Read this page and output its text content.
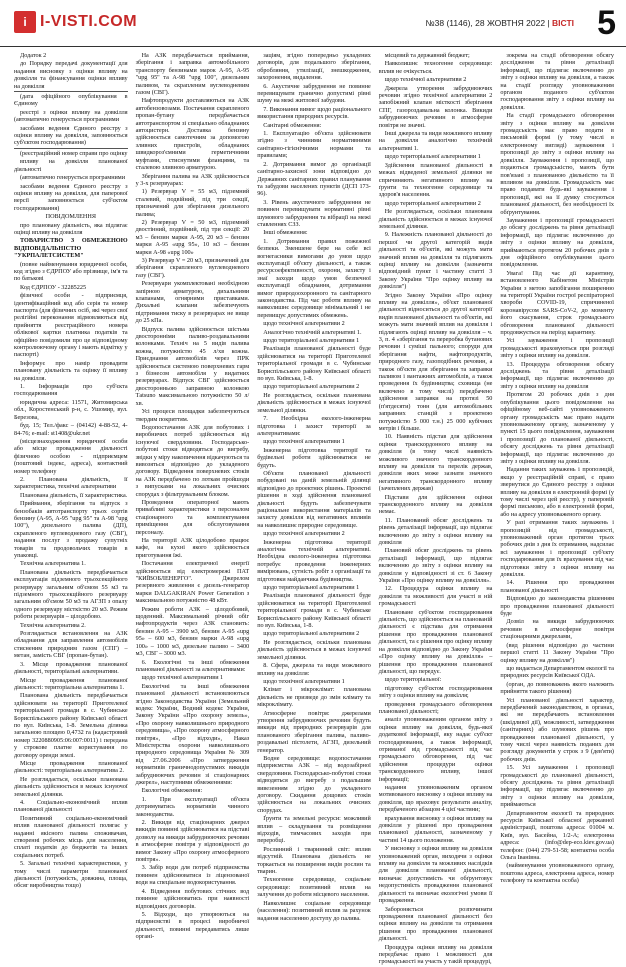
i I-VISTI.COM	№38 (1146), 28 ЖОВТНЯ 2022 | ВІСТІ 5

Додаток 2

до Порядку передачі документації для надання висновку з оцінки впливу на довкілля та фінансування оцінки впливу на довкілля

(дата офіційного опублікування в Єдиному

реєстрі з оцінки впливу на довкілля (автоматично генерується програмними

засобами ведення Єдиного реєстру з оцінки впливу на довкілля, заповнюється суб'єктом господарювання)

(реєстраційний номер справи про оцінку

впливу на довкілля планованої діяльності

(автоматично генерується програмними

засобами ведення Єдиного реєстру з оцінки впливу на довкілля, для паперової версії заповнюється суб'єктом господарювання)

ПОВІДОМЛЕННЯ

про плановану діяльність, яка підлягає оцінці впливу на довкілля

ТОВАРИСТВО З ОБМЕЖЕНОЮ ВІДПОВІДАЛЬНІСТЮ "УКРПАЛЕТСИСТЕМ"

(повне найменування юридичної особи, код згідно з ЄДРПОУ або прізвище, ім'я та по батькові

Код ЄДРПОУ - 32285225

фізичної особи - підприємця, ідентифікаційний код або серія та номер паспорта (для фізичних осіб, які через свої релігійні переконання відмовляються від прийняття реєстраційного номера облікової картки платника податків та офіційно повідомили про це відповідному контролюючому органу і мають відмітку у паспорті)

Інформує про намір провадити плановану діяльність та оцінку її впливу на довкілля.

1. Інформація про суб'єкта господарювання

юридична адреса: 11571, Житомирська обл., Коростенський р-н, с. Ушомир, вул. Березова,

буд. 15; Тел./факс – (04142) 4-88-52, 4-84-76; e-mail: st1408@ukr.net

(місцезнаходження юридичної особи або місце провадження діяльності фізичною особою - підприємцем (поштовий індекс, адреса), контактний номер телефону

2. Планована діяльність, її характеристика, технічні альтернативи

Планована діяльність, її характеристика.

Приймання, зберігання та відпуск з бензобаків автотранспорту трьох сортів бензину (А-95, А-95 "upg 95" та А-98 "upg 100"), дизельного палива (ДП), скрапленого вуглеводневого газу (СВГ), надання послуг з продажу супутніх товарів та продовольчих товарів в упаковці.

Технічна альтернатива 1.

Планована діяльність передбачається експлуатація підземного трьохсекційного резервуару загальним об'ємом 55 м3 та підземного трьохсекційного резервуару загальним об'ємом 50 м3 та АГЗП з опалу одного резервуару місткістю 20 м3. Режим роботи резервуарів – цілодобово.

Технічна альтернатива 2.

Розглядається встановлення на АЗК обладнання для заправлення автомобілів стисненим природним газом (СПГ) – метан, замість СВГ (пропан-бутан).

3. Місце провадження планованої діяльності, територіальні альтернативи.

Місце провадження планованої діяльності: територіальна альтернатива 1.

Планована діяльність передбачається здійснювати на території Приготелевої територіальної громади в с. Чубинське Бориспільського району Київської області по вул. Київська, 1-8. Земельна ділянка загальною площею 0,4732 га (кадастровий номер 3220880905:06:007:0011) і передана у строкове платне користування по договору оренди землі.

Місце провадження планованої діяльності: територіальна альтернатива 2.

Не розглядається, оскільки планована діяльність здійснюється в межах існуючої земельної ділянки.

4. Соціально-економічний вплив планованої діяльності

Позитивний соціально-економічний вплив планованої діяльності полягає у наданні якісного палива споживачам, створенні робочих місць для населення, сплаті податків до бюджетів та інших соціальних потреб.

5. Загальні технічні характеристики, у тому числі параметри планованої діяльності (потужність, довжина, площа, обсяг виробництва тощо)

На АЗК передбачається приймання, зберігання і заправка автомобільного транспорту бензинами марок А-95, А-95 "upg 95" та А-98 "upg 100", дизельним паливом, та скрапленим вуглеводневим газом (СВГ).

Нафтопродукти доставляються на АЗК автобензовозами. Постачання скрапленого пропан-бутану передбачається автотранспортом зі спеціально обладнаних автоцистерн. Доставка бензину здійснюється самотечним за допомогою зливних пристроїв, обладнаних швидкороз'ємними герметичними муфтами, стиснутими фланцями, та сталевою зливною арматурою.

Зберігання палива на АЗК здійснюється у 3-х резервуарах:

1) Резервуар V = 55 м3, підземний сталевий, подвійний, під три секції, призначений для зберігання дизельного палива;

2) Резервуар V = 50 м3, підземний двостінний, подвійний, під три секції: 20 м3 – бензин марки А-95, 20 м3 – бензин марки А-95 «upg 95», 10 м3 – бензин марки А-98 «upg 100»

3) Резервуар V = 20 м3, призначений для зберігання скрапленого вуглеводневого газу (СВГ).

Резервуари укомплектовані необхідною запірною арматурою, дихальними клапанами, огнярними приставками. Дихальні клапани забезпечують підтримання тиску в резервуарах не вище до 25 кПа.

Відпуск палива здійснюється шістьма двосторонніми паливо-роздавальними колонками. Техніч на 5 видів палива кожна, потужністю 45 л/хв кожна. Приєднання автомобілів через ПРК здійснюється системою поверхневих гарм з бізнесом автомобіля у видатних резервуарах. Відпуск СВГ здійснюється двосторонньою заправною колонкою Тatsuno максимальною потужністю 50 л/хв.

Усі процеси площадки забезпечуються твердим покриттям.

Водопостачання АЗК для побутових і виробничих потреб здійснюється від існуючої свердловини. Господарсько-побутові стоки відводяться до вигребу, звідки у міру накопичення відкачуються та вивозяться відповідно до укладеного договору. Відведення поверхневих стоків на АЗК передбачено по лоткам пройшоди з випусками на локальних очисних спорудах з фільтрувальним блоком.

Проведення операторної мають привабливі характеристики з персоналом стаціонарного та комплектування приміщення для обслуговування персоналу.

На території АЗК цілодобово працює кафе, на кухні якого здійснюється приготування їжі.

Постачання електричної енергії здійснюється від електромережі ПАТ "КИЇВОБЛЕНЕРГО". Джерелом резервного живлення є дизель-генератор марки DALGAKIRAN Power Generation з максимальною потужністю 48 кВт.

Режим роботи АЗК – цілодобовий, щоденний. Максимальний річний обіг нафтопродуктів через АЗК становить: бензин А-95 – 3900 м3, бензин А-95 «upg 95» – 600 м3, бензин марки А-98 «upg 100» – 1000 м3, дизельне паливо – 3400 м3, СВГ – 3000 м3.

6. Екологічні та інші обмеження планованої діяльності за альтернативами:

щодо технічної альтернативи 1

Екологічні та інші обмеження планованої діяльності встановлюються згідно Законодавства України (Земельний кодекс України, Водний кодекс України, Закону України «Про охорону земель», «Про охорону навколишнього природного середовища», «Про охорону атмосферного повітря», «Про відходи», Наказ Міністерства охорони навколишнього природного середовища України № 309 від 27.06.2006 «Про затвердження нормативів граничнодопустимих викидів забруднюючих речовин зі стаціонарних джерел», наступними обмеженнями:

Екологічні обмеження:

1. При експлуатації об'єкта дотримуватись нормативів чинного законодавства.

2. Викиди від стаціонарних джерел викидів повинні здійснюватися на підставі дозволу на викиди забруднюючих речовин в атмосферне повітря у відповідності до вимог Закону «Про охорону атмосферного повітря».

3. Забір води для потреб підприємства повинен здійснюватися із ліцензованої води на спеціальне водокористування.

4. Відведення побутових стічних вод повинне здійснюватись при наявності відповідних договорів.

5. Відходи, що утворюються на підприємстві в процесі виробничої діяльності, повинні передаватись лише органі-

заціям, згідно попередньо укладених договорів, для подальшого зберігання, обробляння, утилізації, знешкодження, захоронення, видалення.

6. Акустичне забруднення не повинне перевищувати гранично допустимі рівні шуму на межі житлової забудови.

7. Виконання вимог щодо раціонального використання природних ресурсів.

Санітарні обмеження:

1. Експлуатацію об'єкта здійснювати згідно з чинними нормативними санітарно-гігієнічними нормами та правилами;

2. Дотримання вимог до організації санітарно-захисної зони відповідно до Державних санітарних правил планування та забудови населених пунктів (ДСП 173-96).

3. Рівень акустичного забруднення не повинен перевищувати нормативні рівні шумового забруднення та вібрації на межі ставленнях СЗЗ.

Інші обмеження:

1. Дотримання правил пожежної безпеки. Зменшене бере на себе всі вогнегасники вимогами до умов щодо експлуатації об'єкту діяльності, а також ресурсоефективності, охорони, захисту і знаї заходи щодо умов безпечної експлуатації обладнання, дотримання вимог природоохоронного та санітарного законодавства. Під час роботи впливу на навколишнє середовище мінімальний і не перевищує допустимих обмежень.

щодо технічної альтернативи 2

Аналогічно технічній альтернативі 1.

щодо територіальної альтернативи 1

Реалізація планованої діяльності буде здійснюватися на території Приготелевої територіальної громади в с. Чубинське Бориспільського району Київської області по вул. Київська, 1-8.

щодо територіальної альтернативи 2

Не розглядається, оскільки планована діяльність здійснюється в межах існуючої земельної ділянки.

7. Необхідна еколого-інженерна підготовка і захист території за альтернативами:

щодо технічної альтернативи 1

Інженерна підготовка території та будівельні роботи здійснюватися не будуть.

Об'єкти планованої діяльності побудовані на даній земельній ділянці відповідно до проектних рішень. Проектні рішення в ході здійснення планованої діяльності будуть забезпечувати раціональне використання матеріалів та захисту довкілля від негативних впливів на навколишнє природне середовище.

щодо технічної альтернативи 2

Інженерна підготовка території аналогічна технічній альтернативі. Необхідна еколого-інженерна підготовка потребує проведення інженерних вимірювань, сутність робіт з організації та підготовки майданчика будівництва.

щодо територіальної альтернативи 1

Реалізація планованої діяльності буде здійснюватися на території Приготелевої територіальної громади в с. Чубинське Бориспільського району Київської області по вул. Київська, 1-8.

щодо територіальної альтернативи 2

Не розглядається, оскільки планована діяльність здійснюється в межах існуючої земельної ділянки.

8. Сфера, джерела та види можливого впливу на довкілля:

щодо технічної альтернативи 1

Клімат і мікроклімат: планована діяльність не призведе до змін клімату та мікроклімату.

Атмосферне повітря: джерелами утворення забруднюючих речовин будуть викиди від природних резервуарів для планованого зберігання палива, паливо-роздавальні пістолети, АГЗП, дизельний генератор.

Водне середовище: водопостачання підприємства АЗК – від водозабірної свердловини. Господарсько-побутові стоки відводяться до вигребу з подальшим вивезенням згідно до укладеного договору. Скидання дощових стоків здійснюється на локальних очисних спорудах.

Ґрунти та земельні ресурси: можливий вплив – складування та розміщення відходів, тимчасових заходів при переробці.

Рослинний і тваринний світ: вплив відсутній. Планована діяльність не торкається на поширення видів рослин та тварин.

Техногенне середовище, соціальне середовище: позитивний вплив на залучення до роботи місцевого населення.

Навколишнє соціальне середовище (населення): позитивний вплив за рахунок надання населенню доступу до палива.

місцевий та державний бюджет;

Навколишнє техногенне середовище: вплив не очікується.

щодо технічної альтернативи 2

Джерела утворення забруднюючих речовин згідно технічної альтернативи 2 запобіжний клапан місткості зберігання СПГ, газороздавальна колонка. Викиди забруднюючих речовин в атмосферне повітря не значні.

Інші джерела та види можливого впливу на довкілля аналогічно технічній альтернативі 1.

щодо територіальної альтернативи 1

Здійснення планованої діяльності в межах відведеної земельної ділянки не спричиняють негативного впливу на ґрунти та техногенне середовище та здоров'я населення.

щодо територіальної альтернативи 2

Не розглядається, оскільки планована діяльність здійснюється в межах існуючої земельної ділянки.

9. Належність планованої діяльності до першої чи другої категорій видів діяльності та об'єктів, які можуть мати значний вплив на довкілля та підлягають оцінці впливу на довкілля (зазначити відповідний пункт і частину статті 3 Закону України "Про оцінку впливу на довкілля")

Згідно Закону України «Про оцінку впливу на довкілля», об'єкт планованої діяльності відноситься до другої категорії видів планованої діяльності та об'єктів, які можуть мати значний вплив на довкілля і підлягають оцінці впливу на довкілля – ч. 3, п. 4 «зберігання та переробка бутанових речовин і суміші пального; споруди для зберігання нафти, нафтопродуктів, природного газу, газоподібних речовин, а також об'єкти для зберігання та заправки паливом і вантажних автомобілів, а також проведення їх будівництва; сховища (не включено в тому числі) передбачено здійснення заправки на протязі 50 (п'ятдесяти) тонн (для автомобільних заправних станцій з проектною потужністю 5 000 т.н.) 25 000 кубічних метрів і більше.

10. Наявність підстав для здійснення оцінки транскордонного впливу на довкілля (в тому числі наявність можливого значного транскордонного впливу на довкілля та перелік держав, довкілля яких може зазнати значного негативного транскордонного впливу (зачеплених держав)

Підстави для здійснення оцінки транскордонного впливу на довкілля немає.

11. Планований обсяг досліджень та рівень деталізації інформації, що підлягає включенню до звіту з оцінки впливу на довкілля

Плановий обсяг досліджень та рівень деталізації інформації, що підлягає включенню до звіту з оцінки впливу на довкілля у відповідності зі ст. 6 Закону України «Про оцінку впливу на довкілля».

12. Процедура оцінки впливу на довкілля та можливості для участі в ній громадськості

Плановане суб'єктом господарювання діяльність, що здійснюється на планованій діяльності є підстава для отримання рішення про провадження планованої діяльності, та є рішення про оцінку впливу на довкілля відповідно до Закону України «Про оцінку впливу на довкілля» – рішення про провадження планованої діяльності, що передує.

щодо територіальної:

підготовку суб'єктом господарювання звіту з оцінки впливу на довкілля;

проведення громадського обговорення планованої діяльності;

аналіз уповноваженим органом звіту з оцінки впливу на довкілля, будь-якої додаткової інформації, яку надає суб'єкт господарювання, а також інформації, отриманої від громадськості під час громадського обговорення, під час здійснення процедури оцінки транскордонного впливу, іншої інформації;

надання уповноваженим органом мотивованого висновку з оцінки впливу на довкілля, що враховує результати аналізу, передбаченого абзацом 4 цієї частини;

врахування висновку з оцінки впливу на довкілля у рішенні про провадження планованої діяльності, зазначеному у частині 14 цього положення.

У висновку з оцінки впливу на довкілля уповноважений орган, виходячи з оцінки впливу на довкілля та можливих наслідків для довкілля планованої діяльності, визначає допустимість чи обґрунтовує недопустимість провадження планованої діяльності та визначає екологічні умови її провадження.

Забороняється розпочинати провадження планованої діяльності без оцінки впливу на довкілля та отримання рішення про провадження планованої діяльності.

Процедура оцінки впливу на довкілля передбачає право і можливості для громадськості на участь у такій процедурі,

зокрема на стадії обговорення обсягу дослідження та рівня деталізації інформації, що підлягає включенню до звіту з оцінки впливу на довкілля, а також на стадії розгляду уповноваженим органом поданого суб'єктом господарювання звіту з оцінки впливу на довкілля.

На стадії громадського обговорення звіту з оцінки впливу на довкілля громадськість має право подати в письмовій формі (у тому числі в електронному вигляді) зауваження і пропозиції до звіту з оцінки впливу на довкілля. Зауваження і пропозиції, що подаються громадськістю, мають бути пов'язані з планованою діяльністю та її впливом на довкілля. Громадськість має право подавати будь-які зауваження і пропозиції, які на її думку стосуються планованої діяльності, без необхідності їх обґрунтування.

Зауваження і пропозиції громадськості до обсягу досліджень та рівня деталізації інформації, що підлягає включенню до звіту з оцінки впливу на довкілля, приймаються протягом 20 робочих днів з дня офіційного опублікування цього повідомлення.

Увага! Під час дії карантину, встановленого Кабінетом Міністрів України з метою запобігання поширенню на території України гострої респіраторної хвороби COVID-19, спричиненої коронавірусом SARS-CoV-2, до моменту його скасування, строк громадського обговорення планованої діяльності продовжується на період карантину.

Усі зауваження і пропозиції громадськості враховуються при розгляді звіту з оцінки впливу на довкілля.

13. Процедура обговорення обсягу досліджень та рівня деталізації інформації, що підлягає включенню до звіту з оцінки впливу на довкілля

Протягом 20 робочих днів з дня опублікування цього повідомлення на офіційному веб-сайті уповноваженого органу громадськість має право надати уповноваженому органу, зазначеному у пункті 15 цього повідомлення, зауваження і пропозиції до планованої діяльності, обсягу досліджень та рівня деталізації інформації, що підлягає включенню до звіту з оцінки впливу на довкілля.

Надання таких зауважень і пропозицій, якщо у реєстраційній справі, є право звернутися до Єдиного реєстру з оцінки впливу на довкілля в електронній формі (у тому числі через цей реєстр), у паперовій формі письмово, або в електронній формі, або на адресу уповноваженого органу.

У разі отримання таких зауважень і пропозицій від громадськості, уповноважений орган протягом трьох робочих днів з дня їх отримання, надсилає всі зауваження і пропозиції суб'єкту господарювання для їх врахування під час підготовки звіту з оцінки впливу на довкілля.

14. Рішення про провадження планованої діяльності

Відповідно до законодавства рішенням про провадження планованої діяльності буде

Дозвіл на викиди забруднюючих речовин в атмосферне повітря стаціонарними джерелами,

(вид рішення відповідно до частини першої статті 11 Закону України "Про оцінку впливу на довкілля")

що видається Департаментом екології та природних ресурсів Київської ОДА.

(орган, до повноважень якого належить прийняття такого рішення)

Усі планованої діяльності характер, передбачений законодавством, в органах, які не передбачають встановлення (шкідливої дії), можливості, затвердження (санітарних) або шумових рішень про провадження планованої діяльності, у тому числі через наявність поданих для розгляду документів у строк з 9 (дев'яти) робочих днів.

15. Усі зауваження і пропозиції громадськості до планованої діяльності, обсягу досліджень та рівня деталізації інформації, що підлягає включенню до звіту з оцінки впливу на довкілля, приймаються

Департаментом екології та природних ресурсів Київської обласної державної адміністрації, поштова адреса: 01004 м. Київ, вул. Басейна, 1/2-А; електронна адреса: (info@dep-eco.kiev.gov.ua) телефон: (044) 279-51-58; контактна особа Ольга Іванівна.

(найменування уповноваженого органу, поштова адреса, електронна адреса, номер телефону та контактна особа)
